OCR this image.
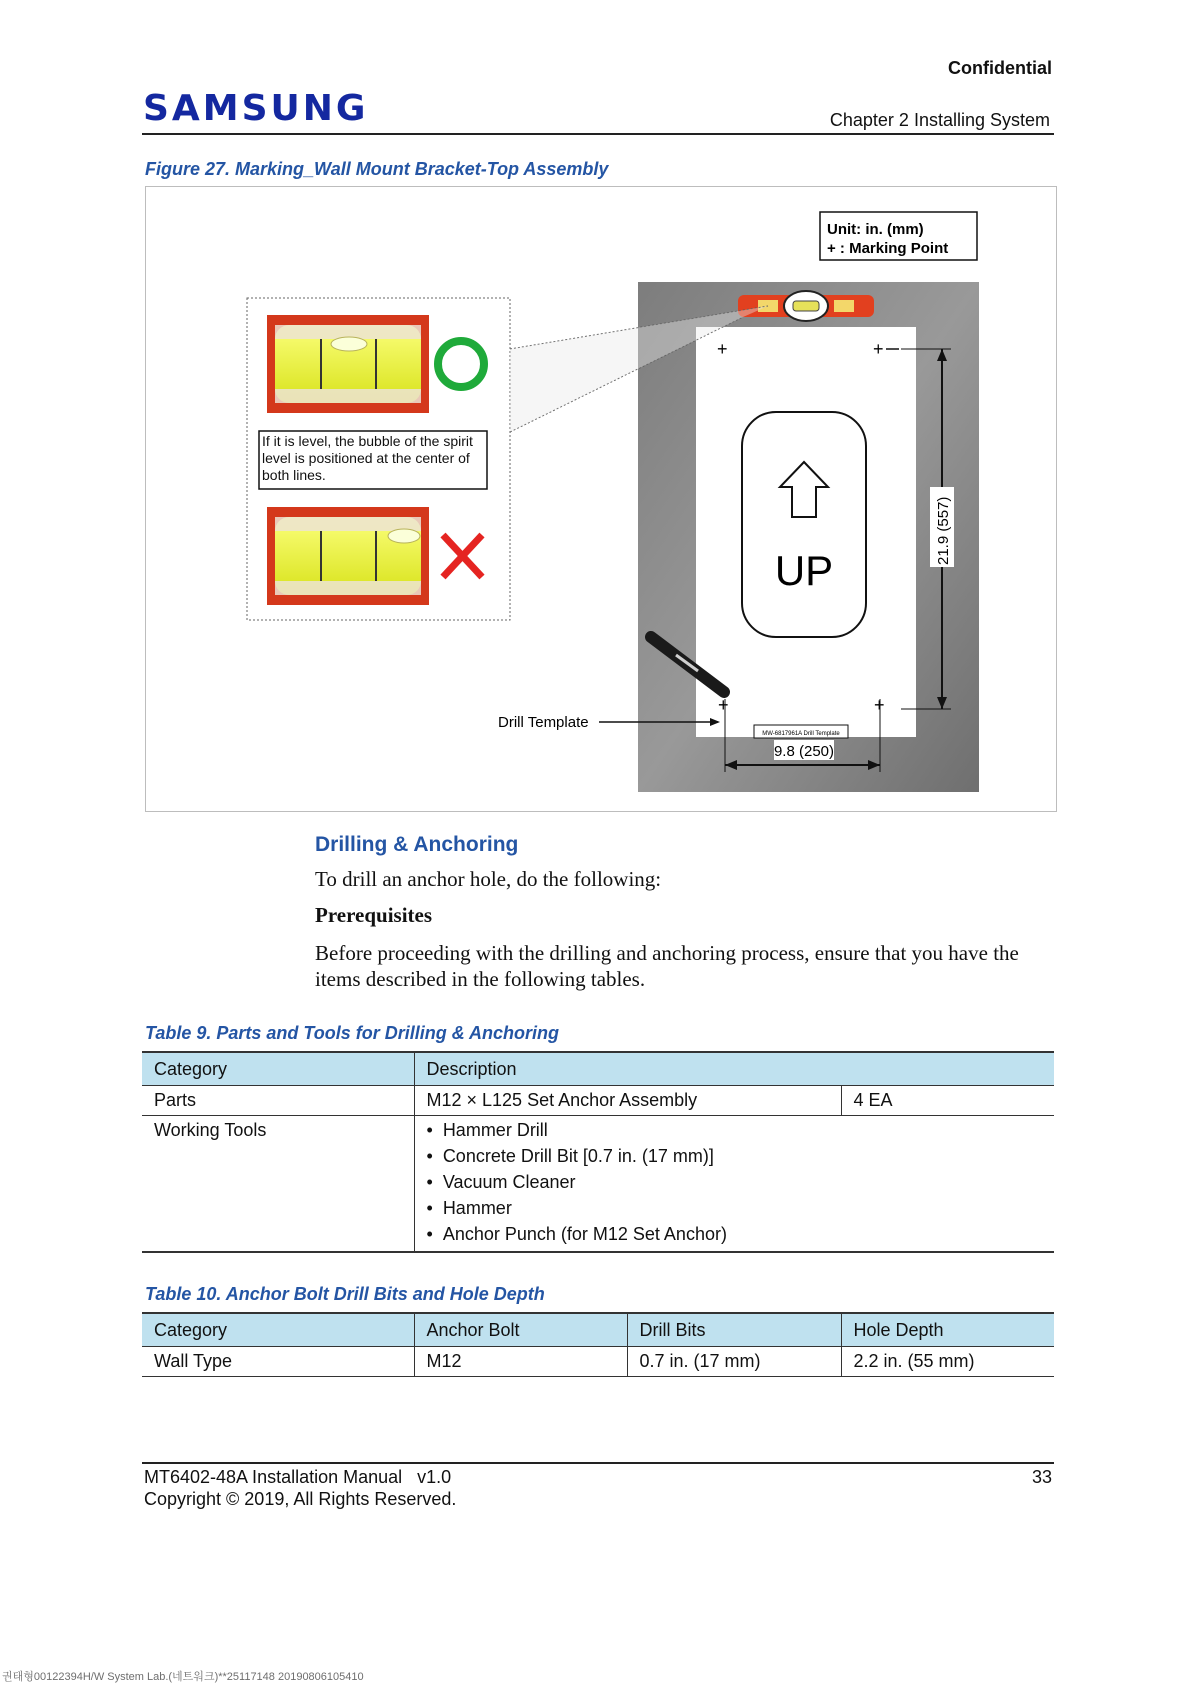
Confidential
SAMSUNG	Chapter 2 Installing System
Figure 27. Marking_Wall Mount Bracket-Top Assembly
Unit: in. (mm)
+ : Marking Point
+	+
+	+
UP
21.9 (557)
9.8 (250)
MW-6817961A Drill Template
If it is level, the bubble of the spirit level is positioned at the center of both lines.
Drill Template
Drilling & Anchoring
To drill an anchor hole, do the following:
Prerequisites
Before proceeding with the drilling and anchoring process, ensure that you have the items described in the following tables.
Table 9. Parts and Tools for Drilling & Anchoring
Category	Description	
Parts	M12 × L125 Set Anchor Assembly	4 EA
Working Tools	• Hammer Drill
• Concrete Drill Bit [0.7 in. (17 mm)]
• Vacuum Cleaner
• Hammer
• Anchor Punch (for M12 Set Anchor)
Table 10. Anchor Bolt Drill Bits and Hole Depth
Category	Anchor Bolt	Drill Bits	Hole Depth
Wall Type	M12	0.7 in. (17 mm)	2.2 in. (55 mm)
MT6402-48A Installation Manual   v1.0
Copyright © 2019, All Rights Reserved.
33
권태형00122394H/W System Lab.(네트워크)**25117148 20190806105410
